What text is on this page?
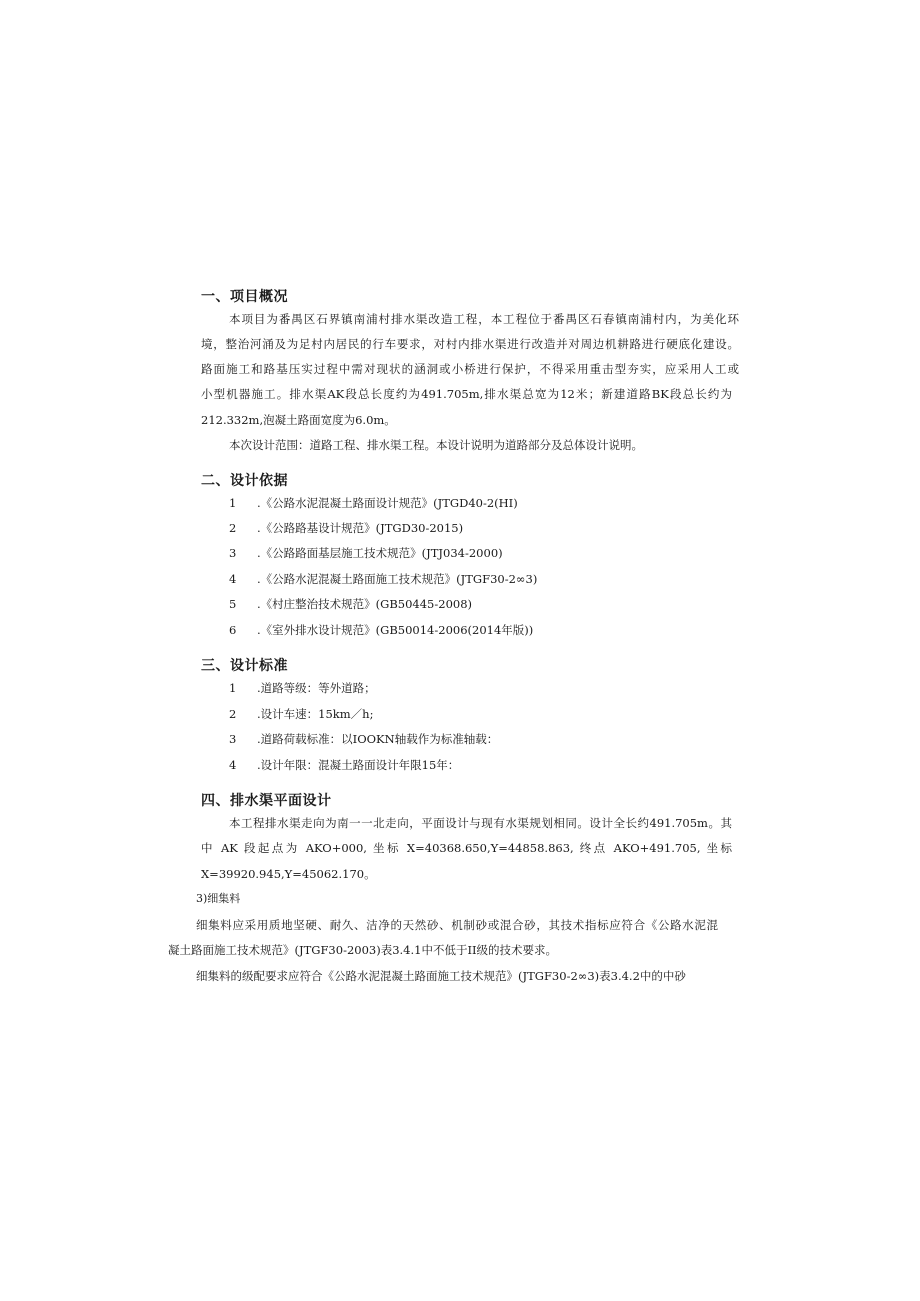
一、项目概况
本项目为番禺区石界镇南浦村排水渠改造工程，本工程位于番禺区石春镇南浦村内，为美化环
境，整治河涌及为足村内居民的行车要求，对村内排水渠进行改造并对周边机耕路进行硬底化建设。
路面施工和路基压实过程中需对现状的涵洞或小桥进行保护，不得采用重击型夯实，应采用人工或
小型机器施工。排水渠AK段总长度约为491.705m,排水渠总宽为12米；新建道路BK段总长约为
212.332m,泡凝土路面宽度为6.0m。
本次设计范围：道路工程、排水渠工程。本设计说明为道路部分及总体设计说明。
二、设计依据
1 .《公路水泥混凝土路面设计规范》(JTGD40-2(HI)
2 .《公路路基设计规范》(JTGD30-2015)
3 .《公路路面基层施工技术规范》(JTJ034-2000)
4 .《公路水泥混凝土路面施工技术规范》(JTGF30-2∞3)
5 .《村庄整治技术规范》(GB50445-2008)
6 .《室外排水设计规范》(GB50014-2006(2014年版))
三、设计标准
1 .道路等级：等外道路；
2 .设计车速：15km／h;
3 .道路荷载标准：以IOOKN轴载作为标准轴载：
4 .设计年限：混凝土路面设计年限15年：
四、排水渠平面设计
本工程排水渠走向为南一一北走向，平面设计与现有水渠规划相同。设计全长约491.705m。其
中 AK 段起点为 AKO+000, 坐标 X=40368.650,Y=44858.863, 终点 AKO+491.705, 坐标
X=39920.945,Y=45062.170。
3)细集料
细集料应采用质地坚硬、耐久、洁净的天然砂、机制砂或混合砂，其技术指标应符合《公路水泥混
凝土路面施工技术规范》(JTGF30-2003)表3.4.1中不低于II级的技术要求。
细集料的级配要求应符合《公路水泥混凝土路面施工技术规范》(JTGF30-2∞3)表3.4.2中的中砂
